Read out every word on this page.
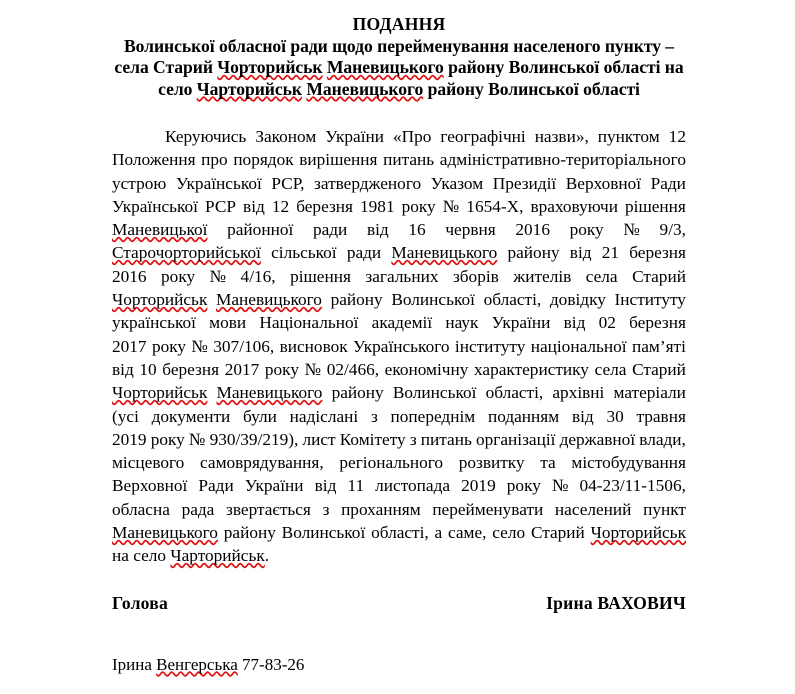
ПОДАННЯ
Волинської обласної ради щодо перейменування населеного пункту –
села Старий Чорторийськ Маневицького району Волинської області на
село Чарторийськ Маневицького району Волинської області
Керуючись Законом України «Про географічні назви», пунктом 12
Положення про порядок вирішення питань адміністративно-територіального
устрою Української РСР, затвердженого Указом Президії Верховної Ради
Української РСР від 12 березня 1981 року № 1654-Х, враховуючи рішення
Маневицької районної ради від 16 червня 2016 року № 9/3,
Старочорторийської сільської ради Маневицького району від 21 березня
2016 року № 4/16, рішення загальних зборів жителів села Старий
Чорторийськ Маневицького району Волинської області, довідку Інституту
української мови Національної академії наук України від 02 березня
2017 року № 307/106, висновок Українського інституту національної пам’яті
від 10 березня 2017 року № 02/466, економічну характеристику села Старий
Чорторийськ Маневицького району Волинської області, архівні матеріали
(усі документи були надіслані з попереднім поданням від 30 травня
2019 року № 930/39/219), лист Комітету з питань організації державної влади,
місцевого самоврядування, регіонального розвитку та містобудування
Верховної Ради України від 11 листопада 2019 року № 04-23/11-1506,
обласна рада звертається з проханням перейменувати населений пункт
Маневицького району Волинської області, а саме, село Старий Чорторийськ
на село Чарторийськ.
Голова	Ірина ВАХОВИЧ
Ірина Венгерська 77-83-26
